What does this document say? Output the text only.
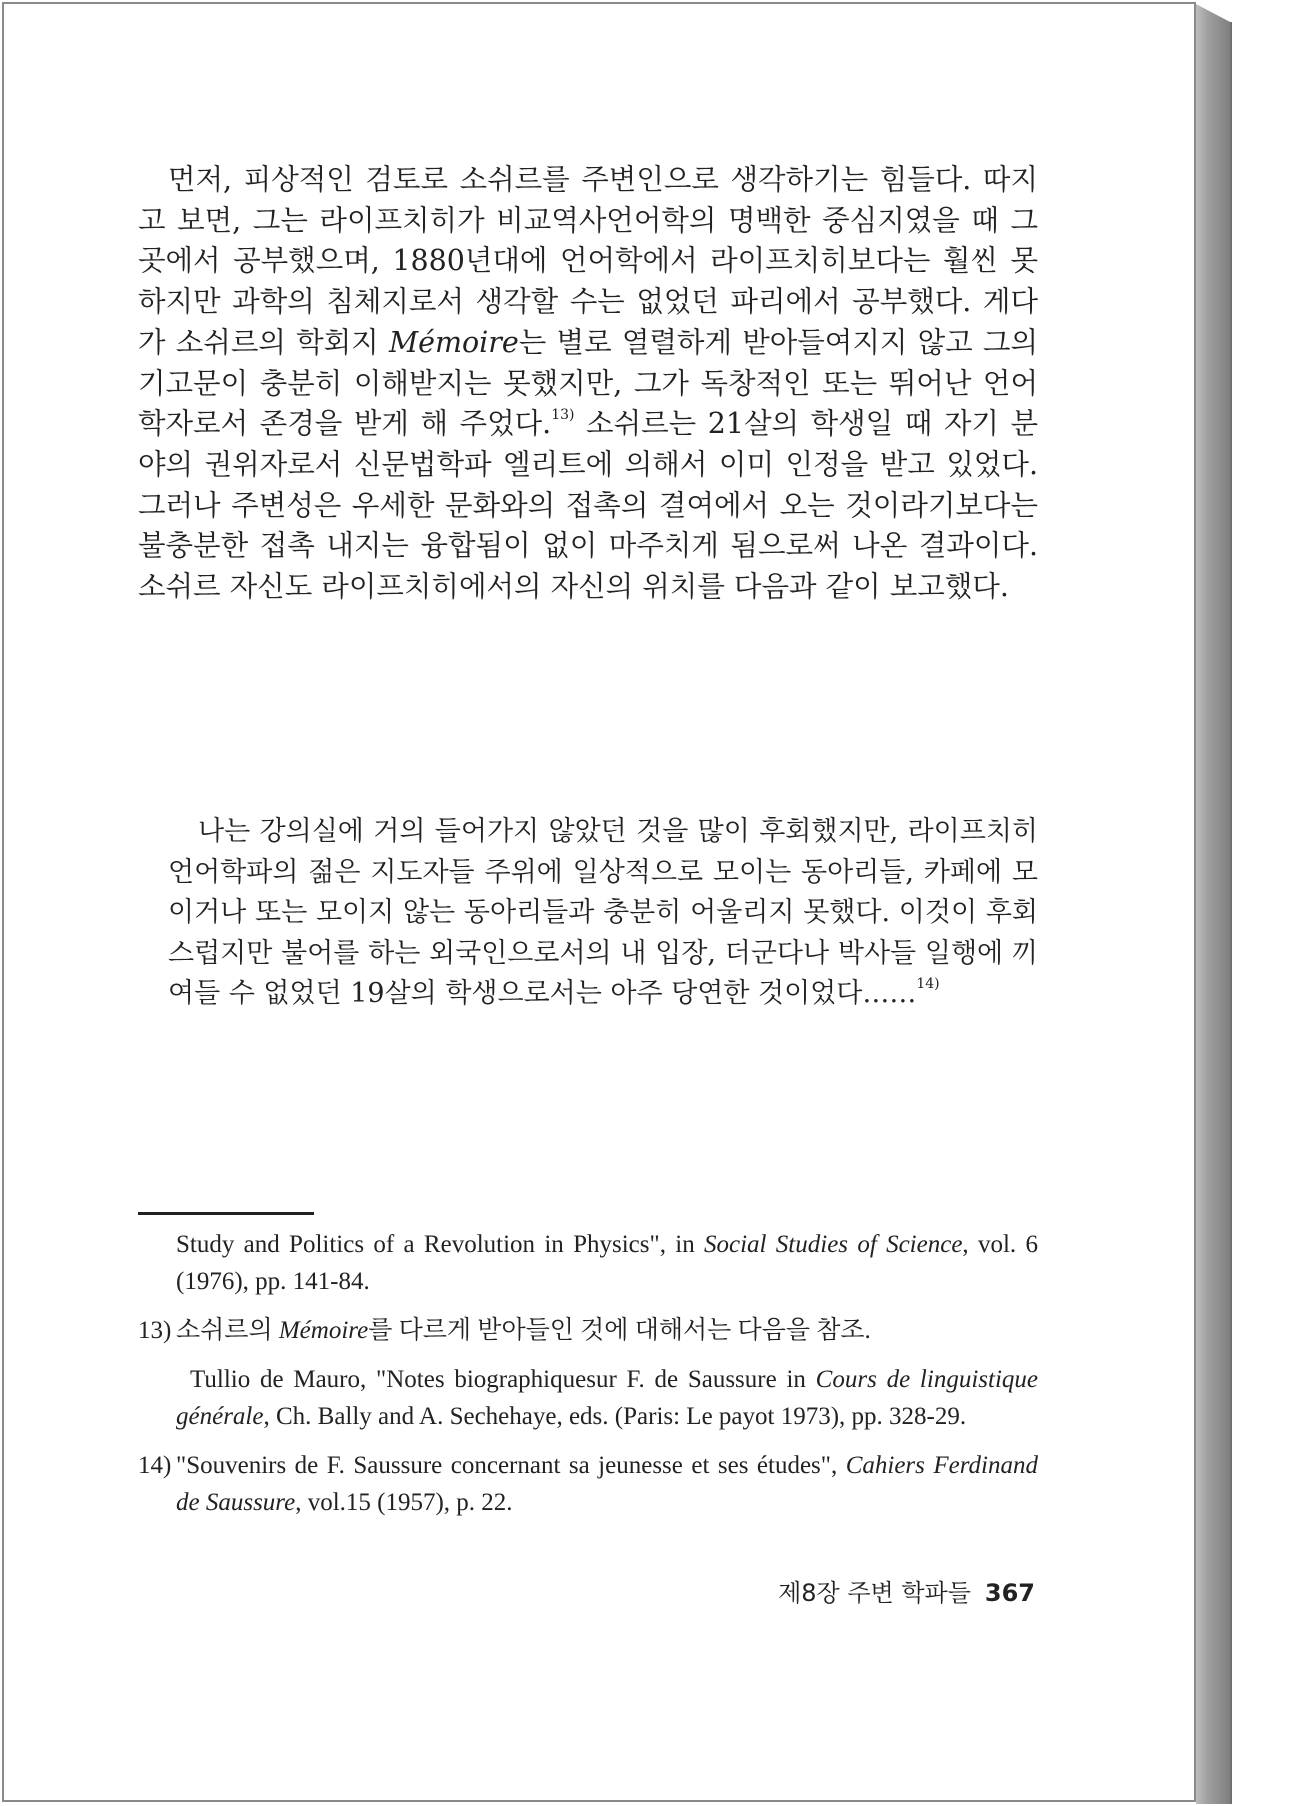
먼저, 피상적인 검토로 소쉬르를 주변인으로 생각하기는 힘들다. 따지고 보면, 그는 라이프치히가 비교역사언어학의 명백한 중심지였을 때 그곳에서 공부했으며, 1880년대에 언어학에서 라이프치히보다는 훨씬 못하지만 과학의 침체지로서 생각할 수는 없었던 파리에서 공부했다. 게다가 소쉬르의 학회지 Mémoire는 별로 열렬하게 받아들여지지 않고 그의 기고문이 충분히 이해받지는 못했지만, 그가 독창적인 또는 뛰어난 언어학자로서 존경을 받게 해 주었다.$^{13)}$ 소쉬르는 21살의 학생일 때 자기 분야의 권위자로서 신문법학파 엘리트에 의해서 이미 인정을 받고 있었다. 그러나 주변성은 우세한 문화와의 접촉의 결여에서 오는 것이라기보다는 불충분한 접촉 내지는 융합됨이 없이 마주치게 됨으로써 나온 결과이다. 소쉬르 자신도 라이프치히에서의 자신의 위치를 다음과 같이 보고했다.
나는 강의실에 거의 들어가지 않았던 것을 많이 후회했지만, 라이프치히 언어학파의 젊은 지도자들 주위에 일상적으로 모이는 동아리들, 카페에 모이거나 또는 모이지 않는 동아리들과 충분히 어울리지 못했다. 이것이 후회스럽지만 불어를 하는 외국인으로서의 내 입장, 더군다나 박사들 일행에 끼여들 수 없었던 19살의 학생으로서는 아주 당연한 것이었다……$^{14)}$
Study and Politics of a Revolution in Physics", in Social Studies of Science, vol. 6 (1976), pp. 141-84.
13) 소쉬르의 Mémoire를 다르게 받아들인 것에 대해서는 다음을 참조.
Tullio de Mauro, "Notes biographiquesur F. de Saussure in Cours de linguistique générale, Ch. Bally and A. Sechehaye, eds. (Paris: Le payot 1973), pp. 328-29.
14) "Souvenirs de F. Saussure concernant sa jeunesse et ses études", Cahiers Ferdinand de Saussure, vol.15 (1957), p. 22.
제8장 주변 학파들 367
